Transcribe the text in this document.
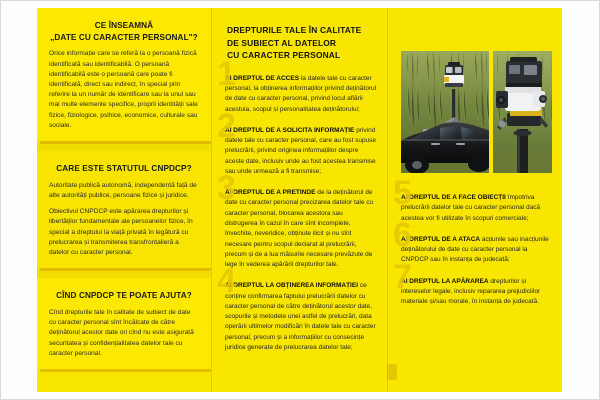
CE ÎNSEAMNĂ
„DATE CU CARACTER PERSONAL"?

Orice informație care se referă la o persoană fizică identificată sau identificabilă. O persoană identificabilă este o persoană care poate fi identificată, direct sau indirect, în special prin referire la un număr de identificare sau la unul sau mai multe elemente specifice, proprii identității sale fizice, fiziologice, psihice, economice, culturale sau sociale.

CARE ESTE STATUTUL CNPDCP?

Autoritate publică autonomă, independentă față de alte autorități publice, persoane fizice și juridice.

Obiectivul CNPDCP este apărarea drepturilor și libertăților fundamentale ale persoanelor fizice, în special a dreptului la viață privată în legătură cu prelucrarea și transmiterea transfrontalieră a datelor cu caracter personal.

CÎND CNPDCP TE POATE AJUTA?

Cînd drepturile tale în calitate de subiect de date cu caracter personal sînt încălcate de către deținătorul acestor date ori cînd nu este asigurată securitatea și confidențialitatea datelor tale cu caracter personal.

DREPTURILE TALE ÎN CALITATE
DE SUBIECT AL DATELOR
CU CARACTER PERSONAL
1

AI DREPTUL DE ACCES la datele tale cu caracter personal, la obținerea informațiilor privind deținătorul de date cu caracter personal, privind locul aflării acestuia, scopul și personalitatea deținătorului;

2

AI DREPTUL DE A SOLICITA INFORMAȚIE privind datele tale cu caracter personal, care au fost supuse prelucrării, privind originea informațiilor despre aceste date, inclusiv unde au fost acestea transmise sau unde urmează a fi transmise;

3

AI DREPTUL DE A PRETINDE de la deținătorul de date cu caracter personal precizarea datelor tale cu caracter personal, blocarea acestora sau distrugerea în cazul în care sînt incomplete, învechite, neveridice, obținute ilicit și nu sînt necesare pentru scopul declarat al prelucrării, precum și de a lua măsurile necesare prevăzute de lege în vederea apărării drepturilor tale.

4

AI DREPTUL LA OBȚINEREA INFORMAȚIEI ce conține confirmarea faptului prelucrării datelor cu caracter personal de către deținătorul acestor date, scopurile și metodele unei astfel de prelucrări, data operării ultimelor modificări în datele tale cu caracter personal, precum și a informațiilor cu consecințe juridice generate de prelucrarea datelor tale;

5

AI DREPTUL DE A FACE OBIECȚII împotriva prelucrării datelor tale cu caracter personal dacă acestea vor fi utilizate în scopuri comerciale;

6

AI DREPTUL DE A ATACA acțiunile sau inacțiunile deținătorului de date cu caracter personal la CNPDCP sau în instanța de judecată;

7

AI DREPTUL LA APĂRAREA drepturilor și intereselor legale, inclusiv repararea prejudiciilor materiale și/sau morale, în instanța de judecată.
